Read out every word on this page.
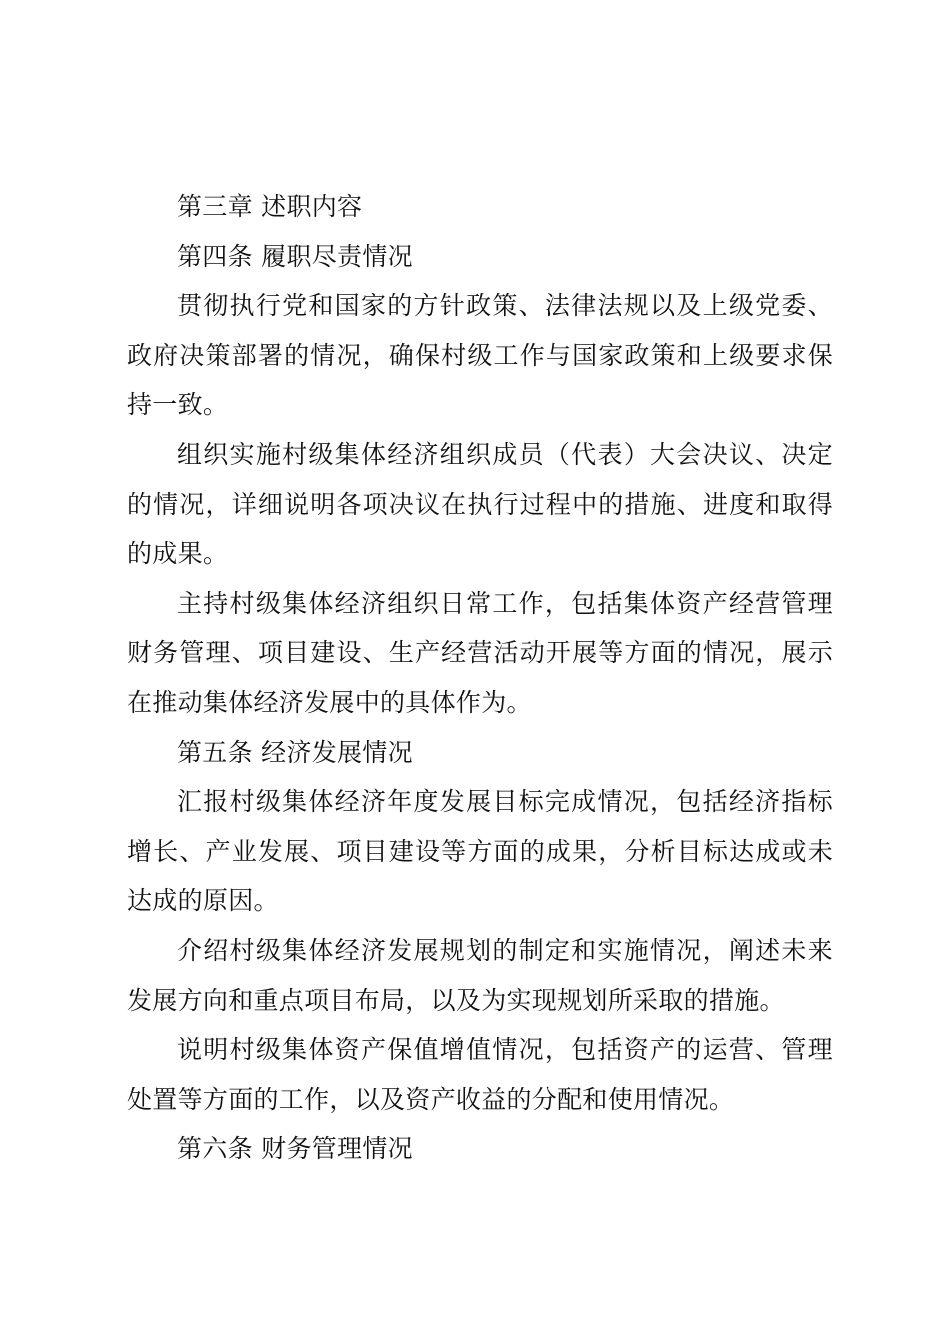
第三章 述职内容

第四条 履职尽责情况

贯彻执行党和国家的方针政策、法律法规以及上级党委、政府决策部署的情况，确保村级工作与国家政策和上级要求保持一致。

组织实施村级集体经济组织成员（代表）大会决议、决定的情况，详细说明各项决议在执行过程中的措施、进度和取得的成果。

主持村级集体经济组织日常工作，包括集体资产经营管理财务管理、项目建设、生产经营活动开展等方面的情况，展示在推动集体经济发展中的具体作为。

第五条 经济发展情况

汇报村级集体经济年度发展目标完成情况，包括经济指标增长、产业发展、项目建设等方面的成果，分析目标达成或未达成的原因。

介绍村级集体经济发展规划的制定和实施情况，阐述未来发展方向和重点项目布局，以及为实现规划所采取的措施。

说明村级集体资产保值增值情况，包括资产的运营、管理处置等方面的工作，以及资产收益的分配和使用情况。

第六条 财务管理情况
